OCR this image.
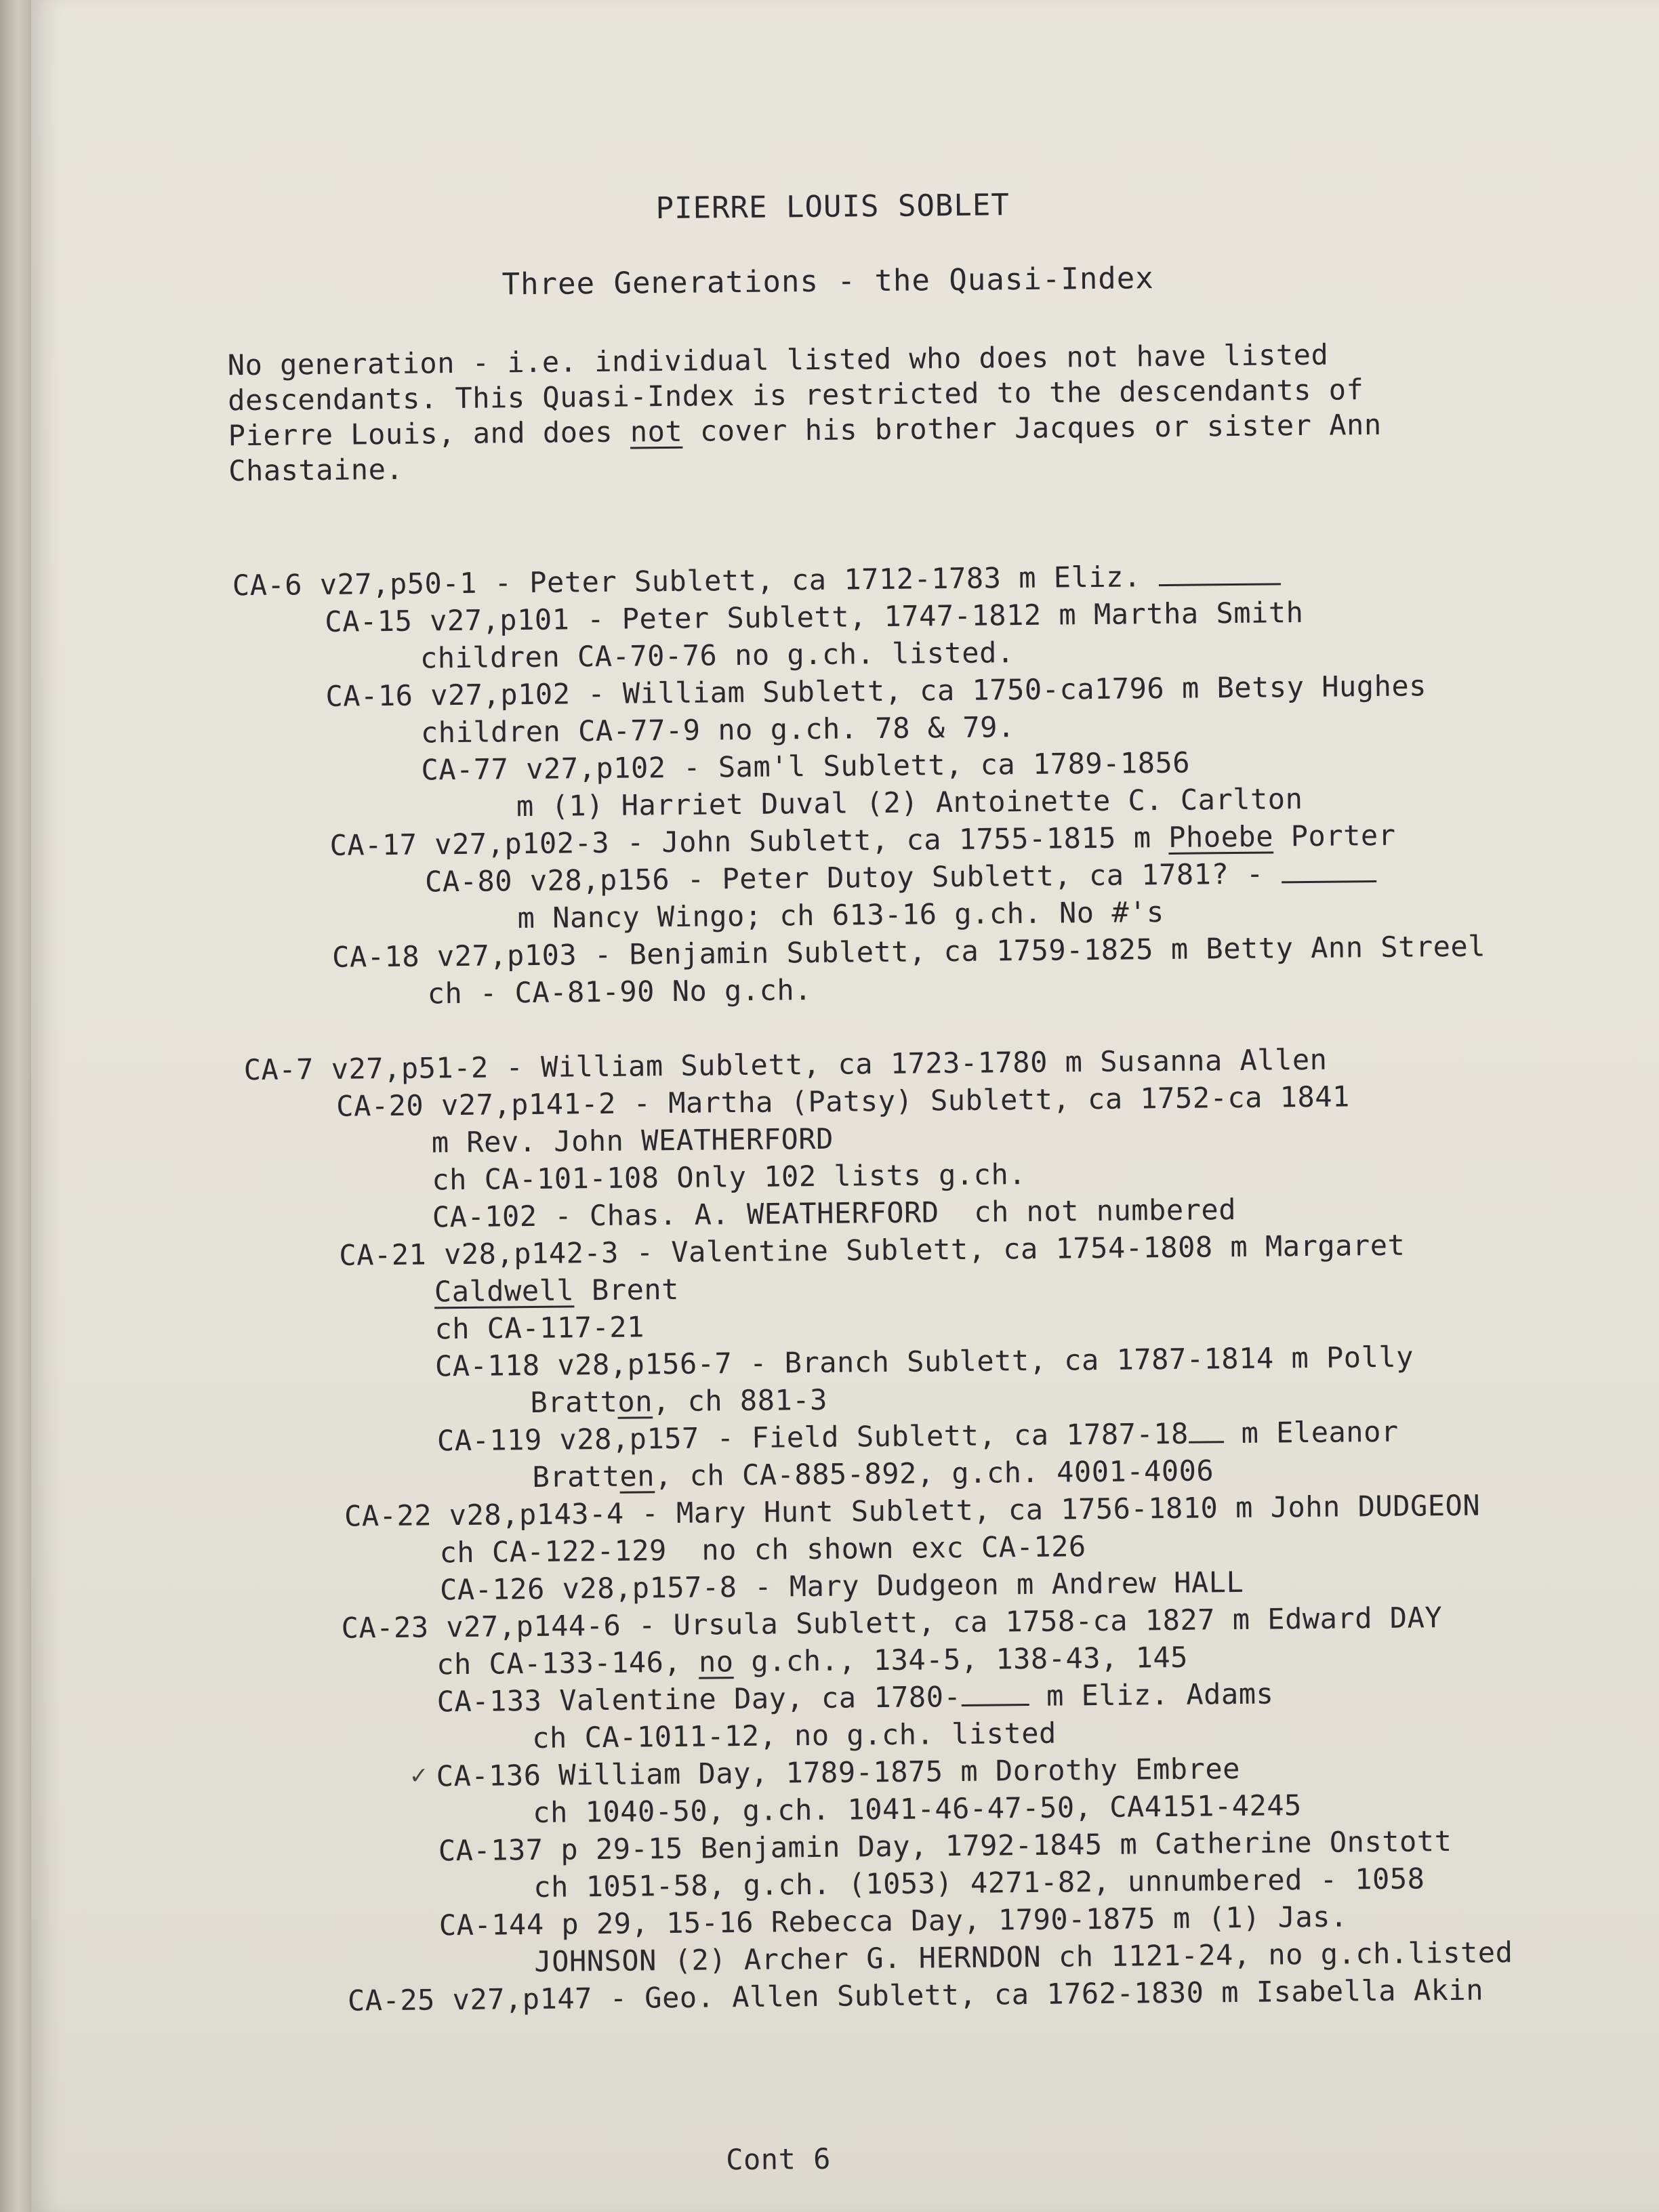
PIERRE LOUIS SOBLET
Three Generations - the Quasi-Index
No generation - i.e. individual listed who does not have listed
descendants. This Quasi-Index is restricted to the descendants of
Pierre Louis, and does not cover his brother Jacques or sister Ann
Chastaine.
CA-6 v27,p50-1 - Peter Sublett, ca 1712-1783 m Eliz.
CA-15 v27,p101 - Peter Sublett, 1747-1812 m Martha Smith
children CA-70-76 no g.ch. listed.
CA-16 v27,p102 - William Sublett, ca 1750-ca1796 m Betsy Hughes
children CA-77-9 no g.ch. 78 & 79.
CA-77 v27,p102 - Sam'l Sublett, ca 1789-1856
m (1) Harriet Duval (2) Antoinette C. Carlton
CA-17 v27,p102-3 - John Sublett, ca 1755-1815 m Phoebe Porter
CA-80 v28,p156 - Peter Dutoy Sublett, ca 1781? -
m Nancy Wingo; ch 613-16 g.ch. No #'s
CA-18 v27,p103 - Benjamin Sublett, ca 1759-1825 m Betty Ann Streel
ch - CA-81-90 No g.ch.
CA-7 v27,p51-2 - William Sublett, ca 1723-1780 m Susanna Allen
CA-20 v27,p141-2 - Martha (Patsy) Sublett, ca 1752-ca 1841
m Rev. John WEATHERFORD
ch CA-101-108 Only 102 lists g.ch.
CA-102 - Chas. A. WEATHERFORD  ch not numbered
CA-21 v28,p142-3 - Valentine Sublett, ca 1754-1808 m Margaret
Caldwell Brent
ch CA-117-21
CA-118 v28,p156-7 - Branch Sublett, ca 1787-1814 m Polly
Bratton, ch 881-3
CA-119 v28,p157 - Field Sublett, ca 1787-18 m Eleanor
Bratten, ch CA-885-892, g.ch. 4001-4006
CA-22 v28,p143-4 - Mary Hunt Sublett, ca 1756-1810 m John DUDGEON
ch CA-122-129  no ch shown exc CA-126
CA-126 v28,p157-8 - Mary Dudgeon m Andrew HALL
CA-23 v27,p144-6 - Ursula Sublett, ca 1758-ca 1827 m Edward DAY
ch CA-133-146, no g.ch., 134-5, 138-43, 145
CA-133 Valentine Day, ca 1780- m Eliz. Adams
ch CA-1011-12, no g.ch. listed
✓ CA-136 William Day, 1789-1875 m Dorothy Embree
ch 1040-50, g.ch. 1041-46-47-50, CA4151-4245
CA-137 p 29-15 Benjamin Day, 1792-1845 m Catherine Onstott
ch 1051-58, g.ch. (1053) 4271-82, unnumbered - 1058
CA-144 p 29, 15-16 Rebecca Day, 1790-1875 m (1) Jas.
JOHNSON (2) Archer G. HERNDON ch 1121-24, no g.ch.listed
CA-25 v27,p147 - Geo. Allen Sublett, ca 1762-1830 m Isabella Akin
Cont 6
